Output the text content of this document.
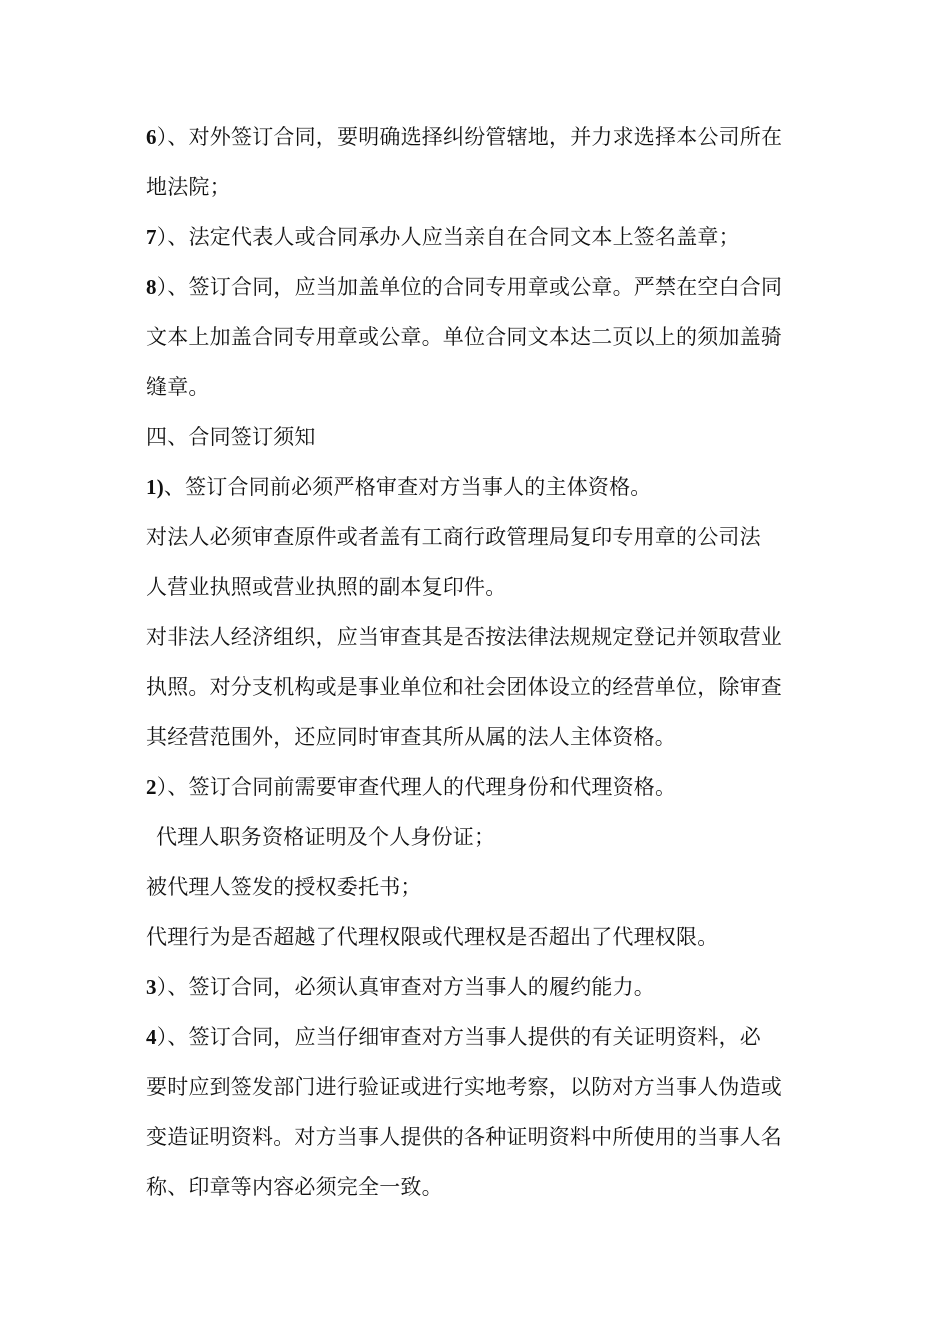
6）、对外签订合同，要明确选择纠纷管辖地，并力求选择本公司所在
地法院；
7）、法定代表人或合同承办人应当亲自在合同文本上签名盖章；
8）、签订合同，应当加盖单位的合同专用章或公章。严禁在空白合同
文本上加盖合同专用章或公章。单位合同文本达二页以上的须加盖骑
缝章。
四、合同签订须知
1)、签订合同前必须严格审查对方当事人的主体资格。
对法人必须审查原件或者盖有工商行政管理局复印专用章的公司法
人营业执照或营业执照的副本复印件。
对非法人经济组织，应当审查其是否按法律法规规定登记并领取营业
执照。对分支机构或是事业单位和社会团体设立的经营单位，除审查
其经营范围外，还应同时审查其所从属的法人主体资格。
2）、签订合同前需要审查代理人的代理身份和代理资格。
代理人职务资格证明及个人身份证；
被代理人签发的授权委托书；
代理行为是否超越了代理权限或代理权是否超出了代理权限。
3）、签订合同，必须认真审查对方当事人的履约能力。
4）、签订合同，应当仔细审查对方当事人提供的有关证明资料，必
要时应到签发部门进行验证或进行实地考察，以防对方当事人伪造或
变造证明资料。对方当事人提供的各种证明资料中所使用的当事人名
称、印章等内容必须完全一致。
